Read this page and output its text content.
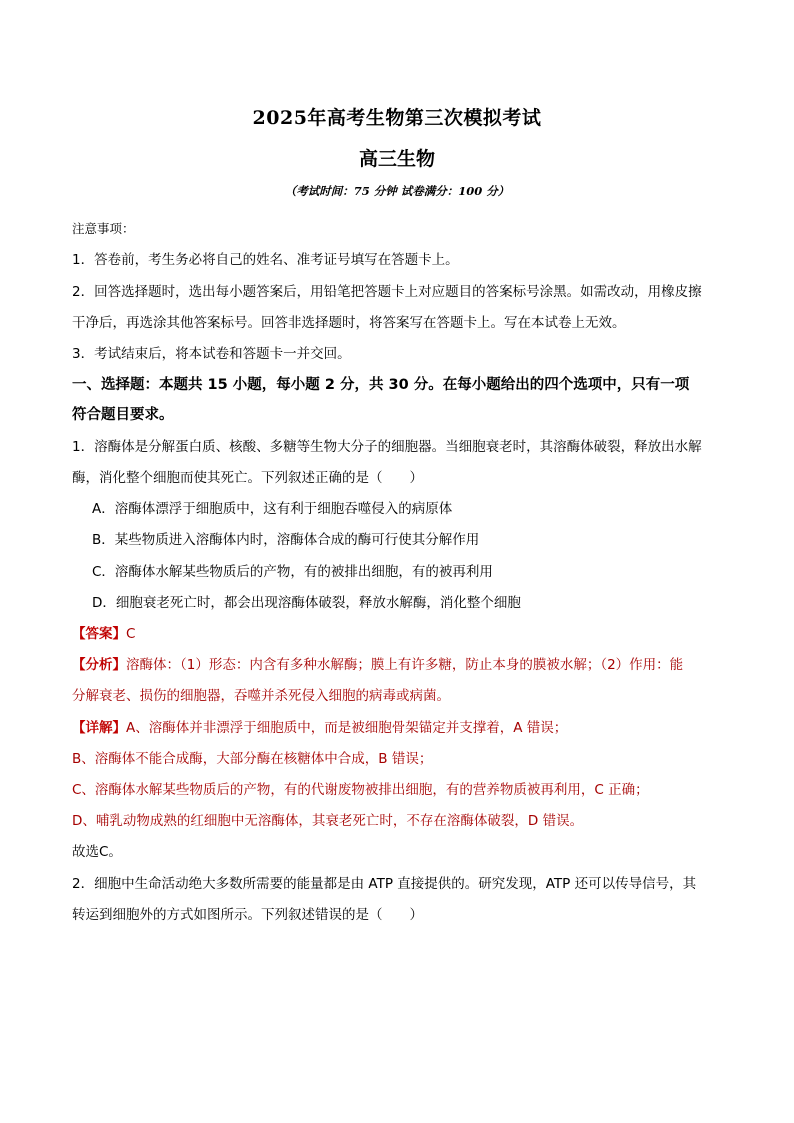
2025年高考生物第三次模拟考试
高三生物
（考试时间：75 分钟 试卷满分：100 分）
注意事项：
1．答卷前，考生务必将自己的姓名、准考证号填写在答题卡上。
2．回答选择题时，选出每小题答案后，用铅笔把答题卡上对应题目的答案标号涂黑。如需改动，用橡皮擦
干净后，再选涂其他答案标号。回答非选择题时，将答案写在答题卡上。写在本试卷上无效。
3．考试结束后，将本试卷和答题卡一并交回。
一、选择题：本题共 15 小题，每小题 2 分，共 30 分。在每小题给出的四个选项中，只有一项
符合题目要求。
1．溶酶体是分解蛋白质、核酸、多糖等生物大分子的细胞器。当细胞衰老时，其溶酶体破裂，释放出水解
酶，消化整个细胞而使其死亡。下列叙述正确的是（　　）
A．溶酶体漂浮于细胞质中，这有利于细胞吞噬侵入的病原体
B．某些物质进入溶酶体内时，溶酶体合成的酶可行使其分解作用
C．溶酶体水解某些物质后的产物，有的被排出细胞，有的被再利用
D．细胞衰老死亡时，都会出现溶酶体破裂，释放水解酶，消化整个细胞
【答案】C
【分析】溶酶体：（1）形态：内含有多种水解酶；膜上有许多糖，防止本身的膜被水解；（2）作用：能
分解衰老、损伤的细胞器，吞噬并杀死侵入细胞的病毒或病菌。
【详解】A、溶酶体并非漂浮于细胞质中，而是被细胞骨架锚定并支撑着，A 错误；
B、溶酶体不能合成酶，大部分酶在核糖体中合成，B 错误；
C、溶酶体水解某些物质后的产物，有的代谢废物被排出细胞，有的营养物质被再利用，C 正确；
D、哺乳动物成熟的红细胞中无溶酶体，其衰老死亡时，不存在溶酶体破裂，D 错误。
故选C。
2．细胞中生命活动绝大多数所需要的能量都是由 ATP 直接提供的。研究发现，ATP 还可以传导信号，其
转运到细胞外的方式如图所示。下列叙述错误的是（　　）
